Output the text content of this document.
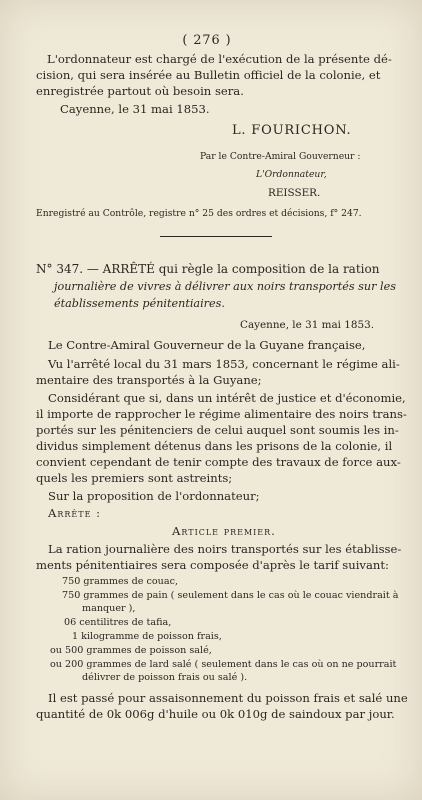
( 276 )
L'ordonnateur est chargé de l'exécution de la présente dé-
cision, qui sera insérée au Bulletin officiel de la colonie, et
enregistrée partout où besoin sera.
Cayenne, le 31 mai 1853.
L. FOURICHON.
Par le Contre-Amiral Gouverneur :
L'Ordonnateur,
REISSER.
Enregistré au Contrôle, registre n° 25 des ordres et décisions, f° 247.
N° 347. — ARRÊTÉ qui règle la composition de la ration
journalière de vivres à délivrer aux noirs transportés sur les
établissements pénitentiaires.
Cayenne, le 31 mai 1853.
Le Contre-Amiral Gouverneur de la Guyane française,
Vu l'arrêté local du 31 mars 1853, concernant le régime ali-
mentaire des transportés à la Guyane;
Considérant que si, dans un intérêt de justice et d'économie,
il importe de rapprocher le régime alimentaire des noirs trans-
portés sur les pénitenciers de celui auquel sont soumis les in-
dividus simplement détenus dans les prisons de la colonie, il
convient cependant de tenir compte des travaux de force aux-
quels les premiers sont astreints;
Sur la proposition de l'ordonnateur;
Arrête :
Article premier.
La ration journalière des noirs transportés sur les établisse-
ments pénitentiaires sera composée d'après le tarif suivant:
750 grammes de couac,
750 grammes de pain ( seulement dans le cas où le couac viendrait à
manquer ),
06 centilitres de tafia,
1 kilogramme de poisson frais,
ou 500 grammes de poisson salé,
ou 200 grammes de lard salé ( seulement dans le cas où on ne pourrait
délivrer de poisson frais ou salé ).
Il est passé pour assaisonnement du poisson frais et salé une
quantité de 0k 006g d'huile ou 0k 010g de saindoux par jour.
